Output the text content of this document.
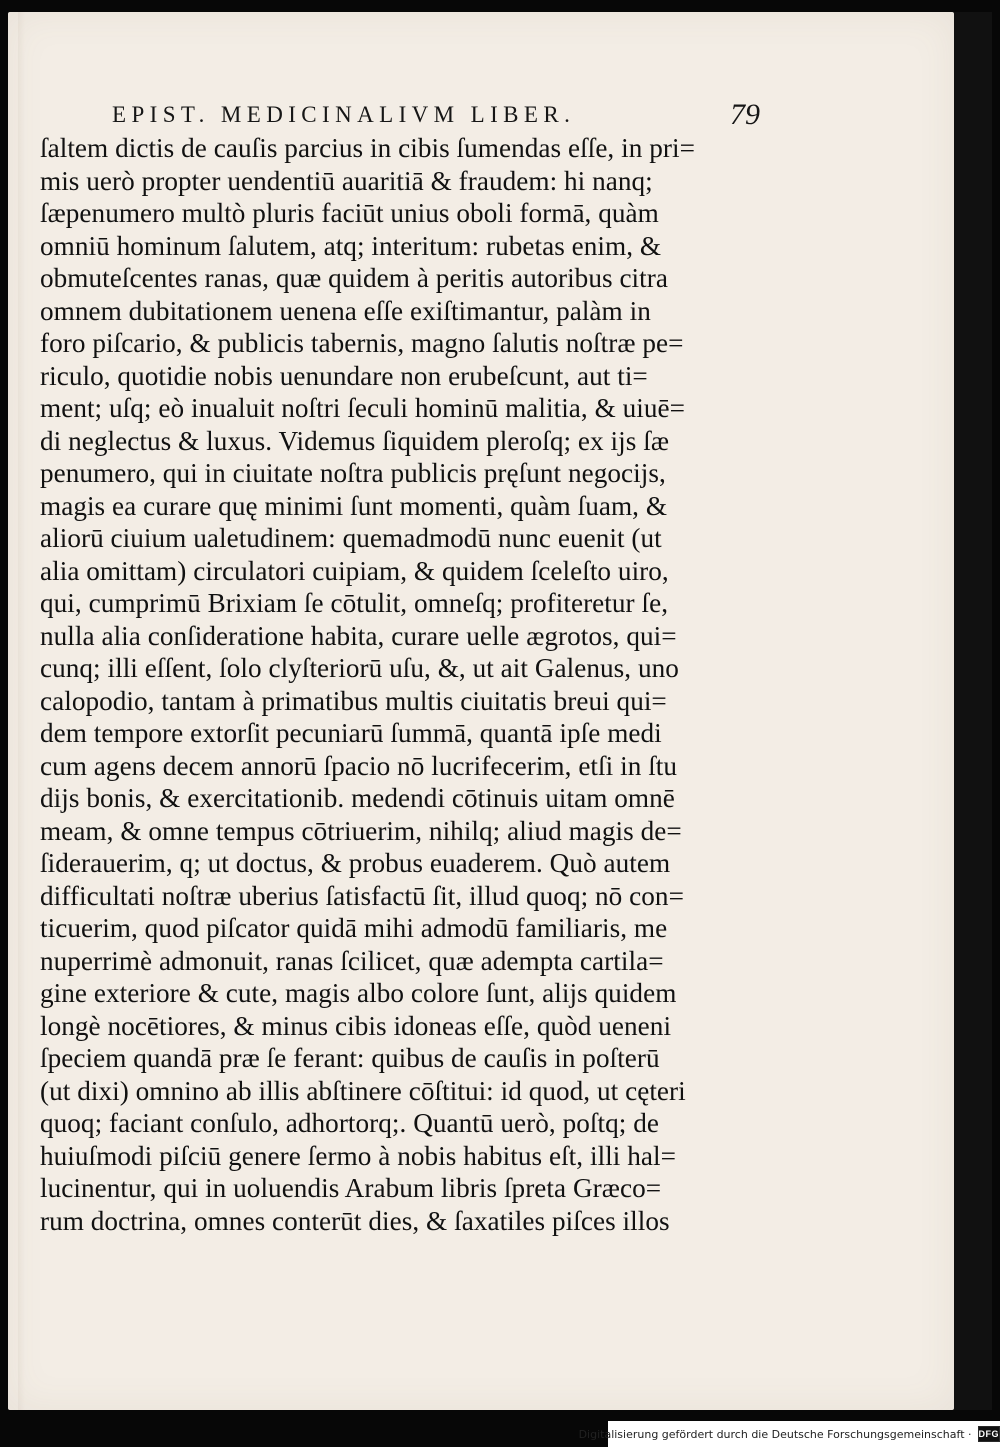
EPIST. MEDICINALIVM LIBER.	79
ſaltem dictis de cauſis parcius in cibis ſumendas eſſe, in pri=
mis uerò propter uendentiū auaritiā & fraudem: hi nanq;
ſæpenumero multò pluris faciūt unius oboli formā, quàm
omniū hominum ſalutem, atq; interitum: rubetas enim, &
obmuteſcentes ranas, quæ quidem à peritis autoribus citra
omnem dubitationem uenena eſſe exiſtimantur, palàm in
foro piſcario, & publicis tabernis, magno ſalutis noſtræ pe=
riculo, quotidie nobis uenundare non erubeſcunt, aut ti=
ment; uſq; eò inualuit noſtri ſeculi hominū malitia, & uiuē=
di neglectus & luxus. Videmus ſiquidem pleroſq; ex ijs ſæ
penumero, qui in ciuitate noſtra publicis pręſunt negocijs,
magis ea curare quę minimi ſunt momenti, quàm ſuam, &
aliorū ciuium ualetudinem: quemadmodū nunc euenit (ut
alia omittam) circulatori cuipiam, & quidem ſceleſto uiro,
qui, cumprimū Brixiam ſe cōtulit, omneſq; profiteretur ſe,
nulla alia conſideratione habita, curare uelle ægrotos, qui=
cunq; illi eſſent, ſolo clyſteriorū uſu, &, ut ait Galenus, uno
calopodio, tantam à primatibus multis ciuitatis breui qui=
dem tempore extorſit pecuniarū ſummā, quantā ipſe medi
cum agens decem annorū ſpacio nō lucrifecerim, etſi in ſtu
dijs bonis, & exercitationib. medendi cōtinuis uitam omnē
meam, & omne tempus cōtriuerim, nihilq; aliud magis de=
ſiderauerim, q; ut doctus, & probus euaderem. Quò autem
difficultati noſtræ uberius ſatisfactū ſit, illud quoq; nō con=
ticuerim, quod piſcator quidā mihi admodū familiaris, me
nuperrimè admonuit, ranas ſcilicet, quæ adempta cartila=
gine exteriore & cute, magis albo colore ſunt, alijs quidem
longè nocētiores, & minus cibis idoneas eſſe, quòd ueneni
ſpeciem quandā præ ſe ferant: quibus de cauſis in poſterū
(ut dixi) omnino ab illis abſtinere cōſtitui: id quod, ut cęteri
quoq; faciant conſulo, adhortorq;. Quantū uerò, poſtq; de
huiuſmodi piſciū genere ſermo à nobis habitus eſt, illi hal=
lucinentur, qui in uoluendis Arabum libris ſpreta Græco=
rum doctrina, omnes conterūt dies, & ſaxatiles piſces illos
Digitalisierung gefördert durch die Deutsche Forschungsgemeinschaft · DFG
